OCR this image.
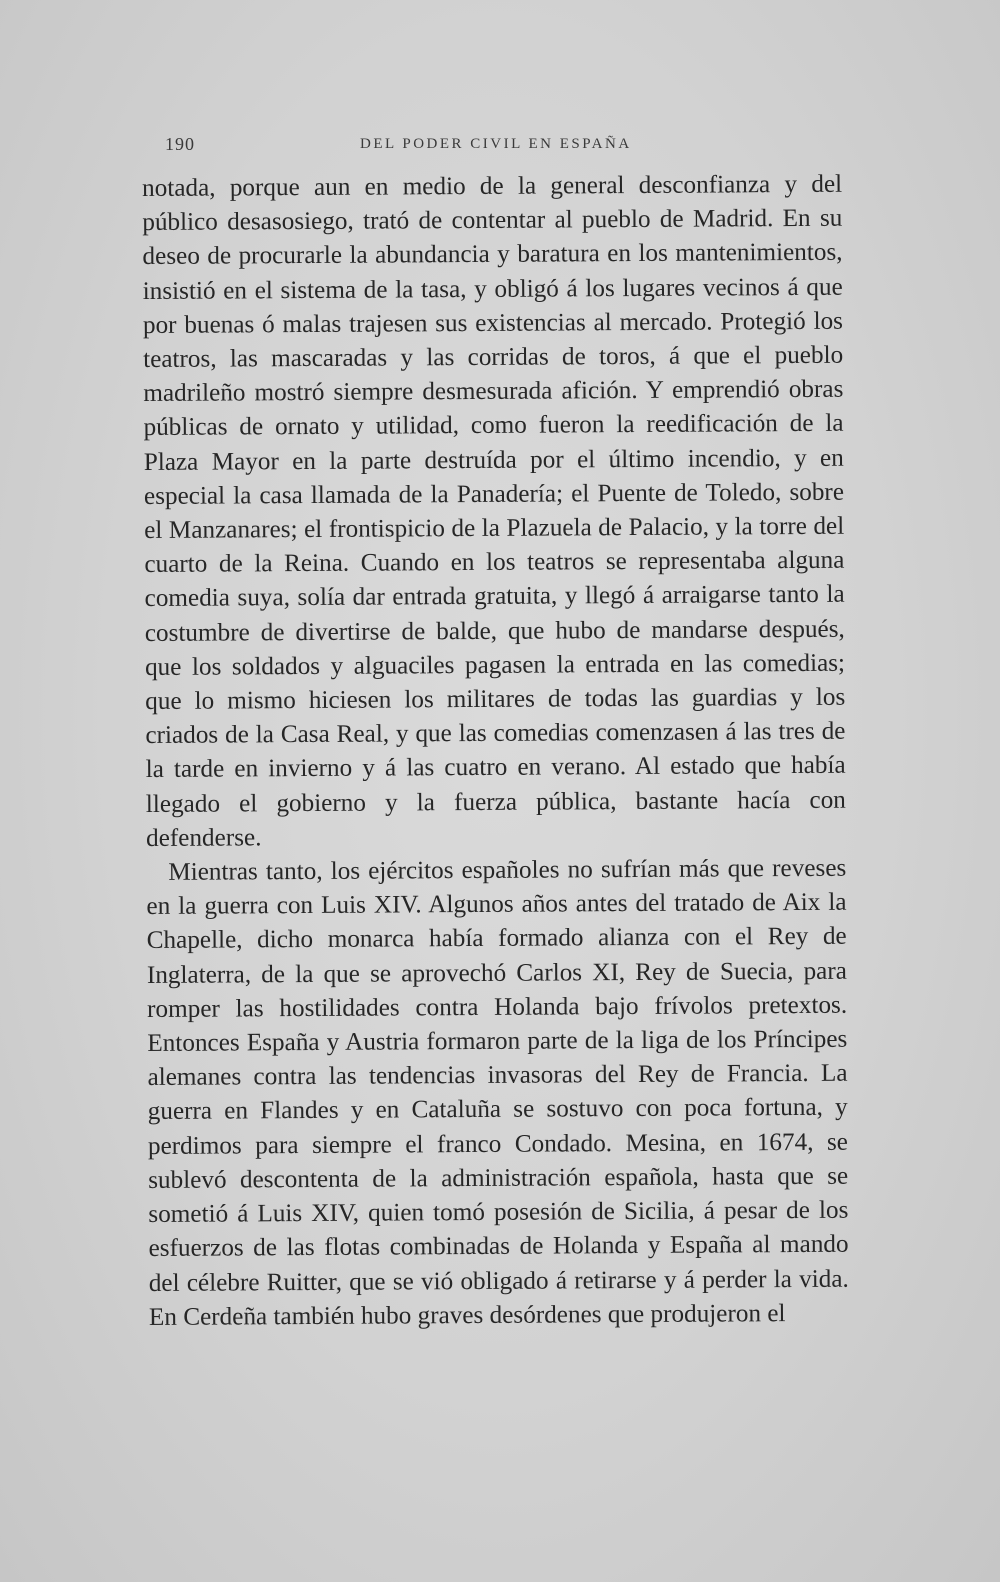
190	DEL PODER CIVIL EN ESPAÑA

notada, porque aun en medio de la general desconfianza y del público desasosiego, trató de contentar al pueblo de Madrid. En su deseo de procurarle la abundancia y baratura en los mantenimientos, insistió en el sistema de la tasa, y obligó á los lugares vecinos á que por buenas ó malas trajesen sus existencias al mercado. Protegió los teatros, las mascaradas y las corridas de toros, á que el pueblo madrileño mostró siempre desmesurada afición. Y emprendió obras públicas de ornato y utilidad, como fueron la reedificación de la Plaza Mayor en la parte destruída por el último incendio, y en especial la casa llamada de la Panadería; el Puente de Toledo, sobre el Manzanares; el frontispicio de la Plazuela de Palacio, y la torre del cuarto de la Reina. Cuando en los teatros se representaba alguna comedia suya, solía dar entrada gratuita, y llegó á arraigarse tanto la costumbre de divertirse de balde, que hubo de mandarse después, que los soldados y alguaciles pagasen la entrada en las comedias; que lo mismo hiciesen los militares de todas las guardias y los criados de la Casa Real, y que las comedias comenzasen á las tres de la tarde en invierno y á las cuatro en verano. Al estado que había llegado el gobierno y la fuerza pública, bastante hacía con defenderse.

Mientras tanto, los ejércitos españoles no sufrían más que reveses en la guerra con Luis XIV. Algunos años antes del tratado de Aix la Chapelle, dicho monarca había formado alianza con el Rey de Inglaterra, de la que se aprovechó Carlos XI, Rey de Suecia, para romper las hostilidades contra Holanda bajo frívolos pretextos. Entonces España y Austria formaron parte de la liga de los Príncipes alemanes contra las tendencias invasoras del Rey de Francia. La guerra en Flandes y en Cataluña se sostuvo con poca fortuna, y perdimos para siempre el franco Condado. Mesina, en 1674, se sublevó descontenta de la administración española, hasta que se sometió á Luis XIV, quien tomó posesión de Sicilia, á pesar de los esfuerzos de las flotas combinadas de Holanda y España al mando del célebre Ruitter, que se vió obligado á retirarse y á perder la vida. En Cerdeña también hubo graves desórdenes que produjeron el
